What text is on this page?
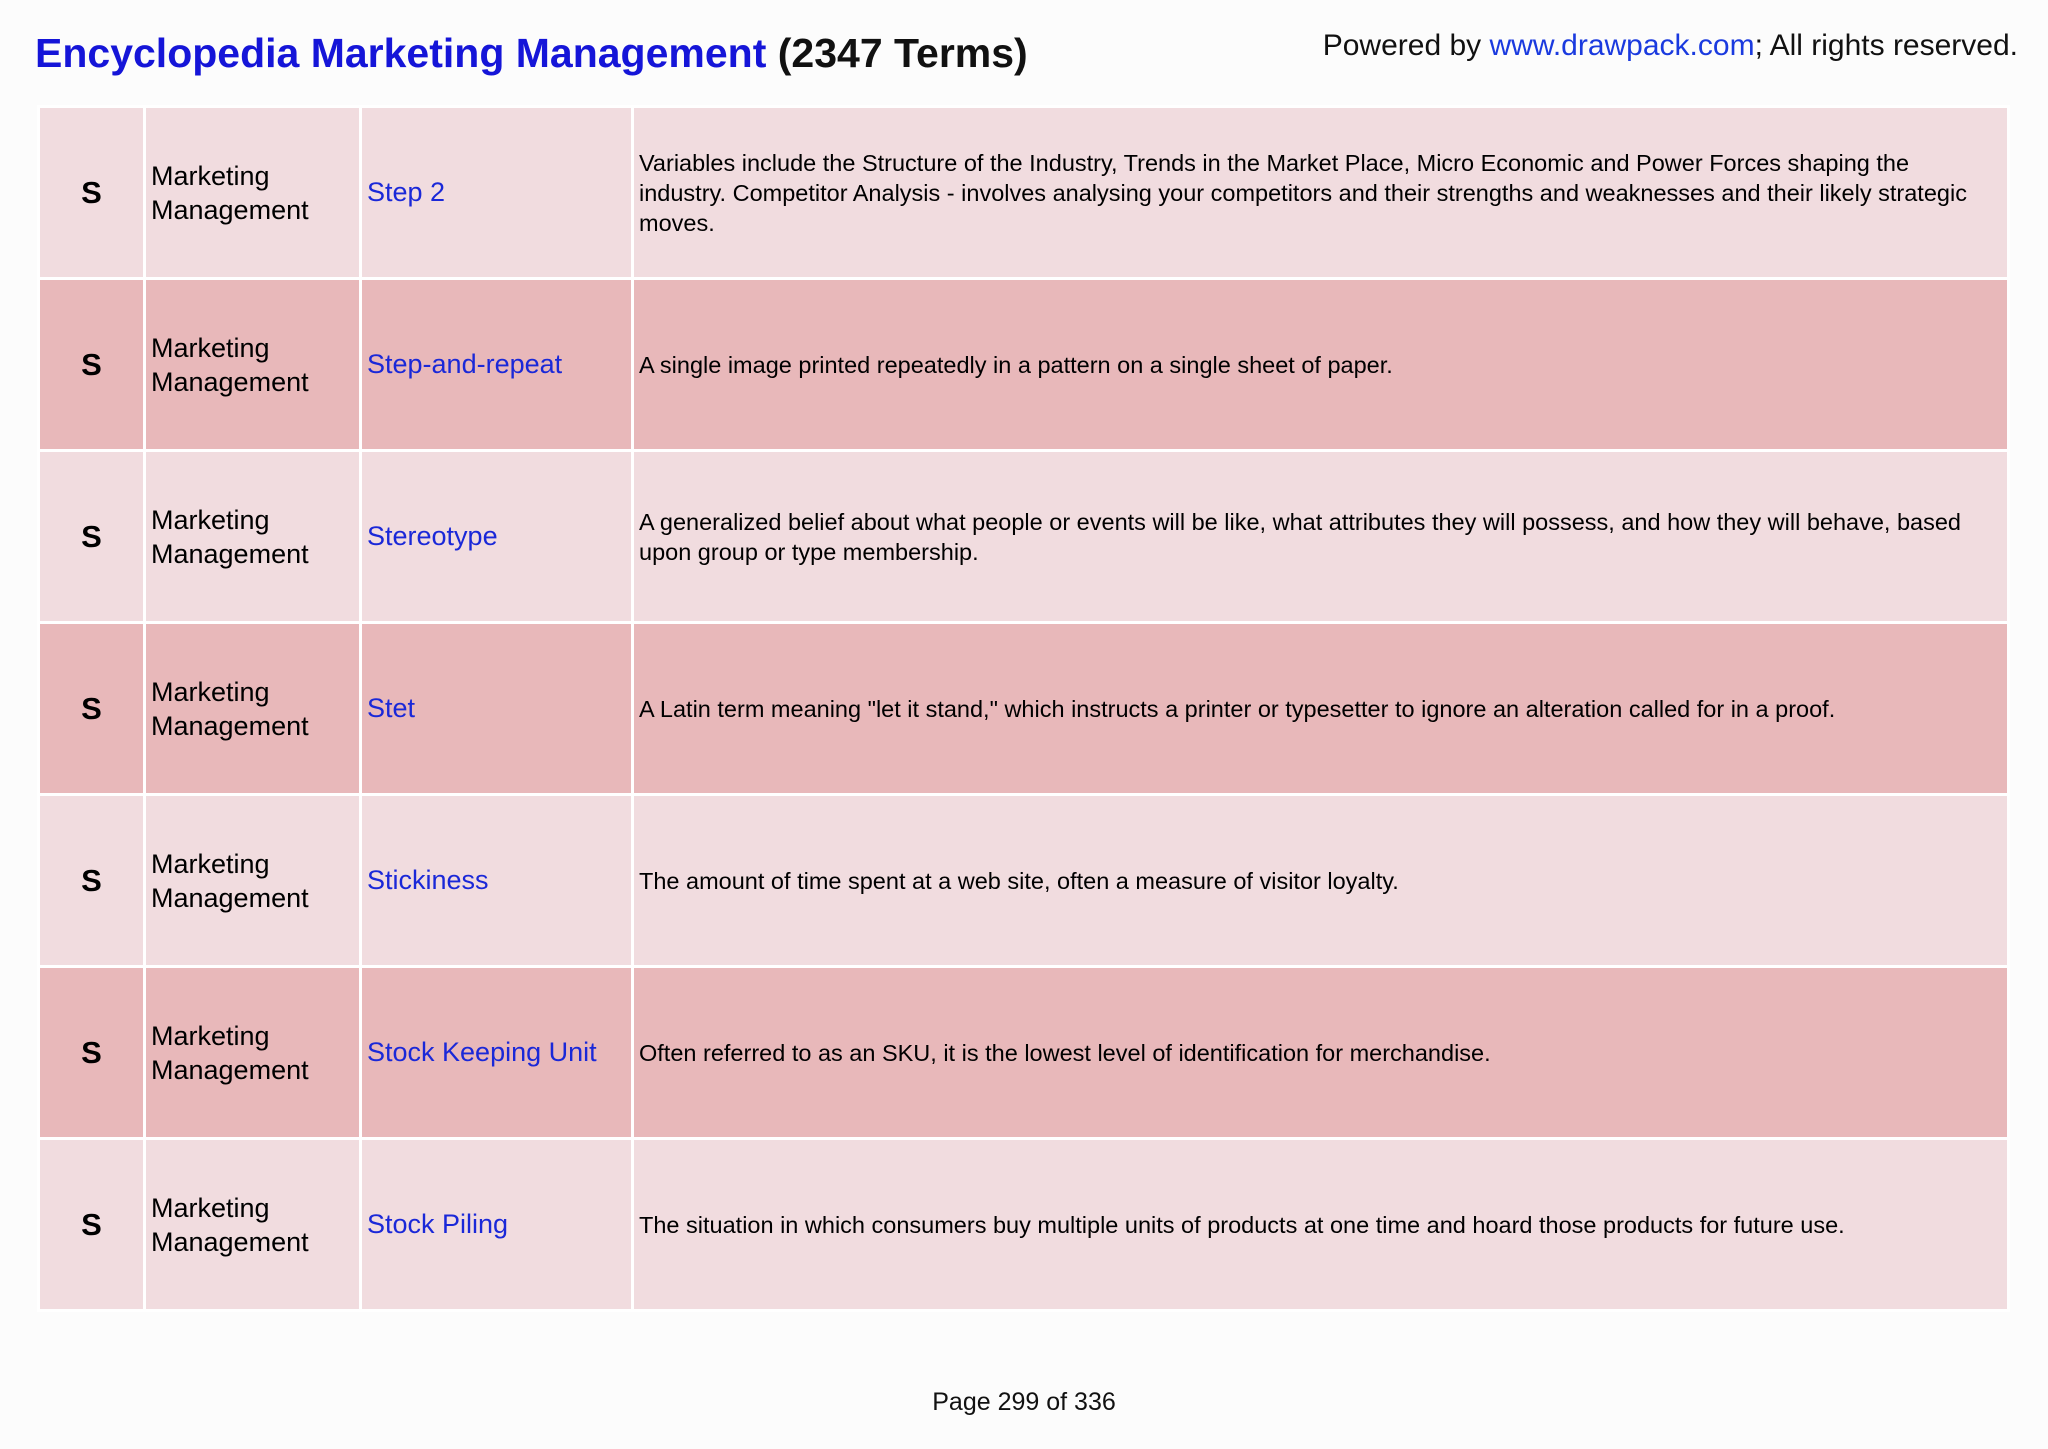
Encyclopedia Marketing Management (2347 Terms)	Powered by www.drawpack.com; All rights reserved.
S	Marketing Management	Step 2	Variables include the Structure of the Industry, Trends in the Market Place, Micro Economic and Power Forces shaping the industry. Competitor Analysis - involves analysing your competitors and their strengths and weaknesses and their likely strategic moves.
S	Marketing Management	Step-and-repeat	A single image printed repeatedly in a pattern on a single sheet of paper.
S	Marketing Management	Stereotype	A generalized belief about what people or events will be like, what attributes they will possess, and how they will behave, based upon group or type membership.
S	Marketing Management	Stet	A Latin term meaning "let it stand," which instructs a printer or typesetter to ignore an alteration called for in a proof.
S	Marketing Management	Stickiness	The amount of time spent at a web site, often a measure of visitor loyalty.
S	Marketing Management	Stock Keeping Unit	Often referred to as an SKU, it is the lowest level of identification for merchandise.
S	Marketing Management	Stock Piling	The situation in which consumers buy multiple units of products at one time and hoard those products for future use.
Page 299 of 336
